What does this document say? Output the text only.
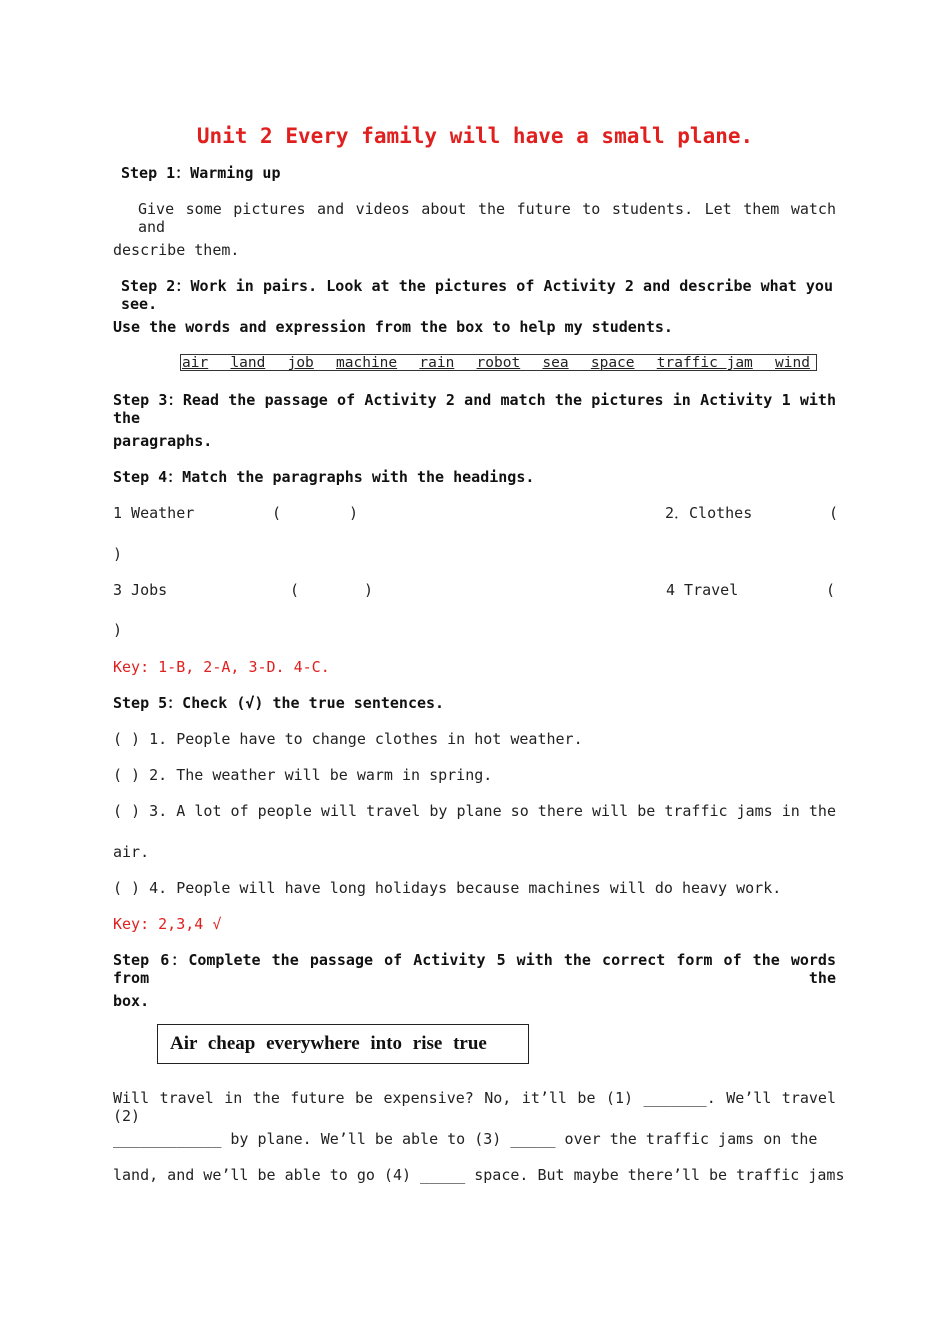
Unit 2 Every family will have a small plane.
Step 1：Warming up
Give some pictures and videos about the future to students. Let them watch and
describe them.
Step 2：Work in pairs. Look at the pictures of Activity 2 and describe what you see.
Use the words and expression from the box to help my students.
air land job machine rain robot sea space traffic jam wind
Step 3：Read the passage of Activity 2 and match the pictures in Activity 1 with the
paragraphs.
Step 4：Match the paragraphs with the headings.
1 Weather	(	)	2．Clothes	(
)
3 Jobs	(	)	4 Travel	(
)
Key: 1-B, 2-A, 3-D. 4-C.
Step 5：Check (√) the true sentences.
( ) 1. People have to change clothes in hot weather.
( ) 2. The weather will be warm in spring.
( ) 3. A lot of people will travel by plane so there will be traffic jams in the
air.
( ) 4. People will have long holidays because machines will do heavy work.
Key: 2,3,4 √
Step 6：Complete the passage of Activity 5 with the correct form of the words from the
box.
Air cheap everywhere into rise true
Will travel in the future be expensive? No, it’ll be (1) _______. We’ll travel (2)
____________ by plane. We’ll be able to (3) _____ over the traffic jams on the
land, and we’ll be able to go (4) _____ space. But maybe there’ll be traffic jams
